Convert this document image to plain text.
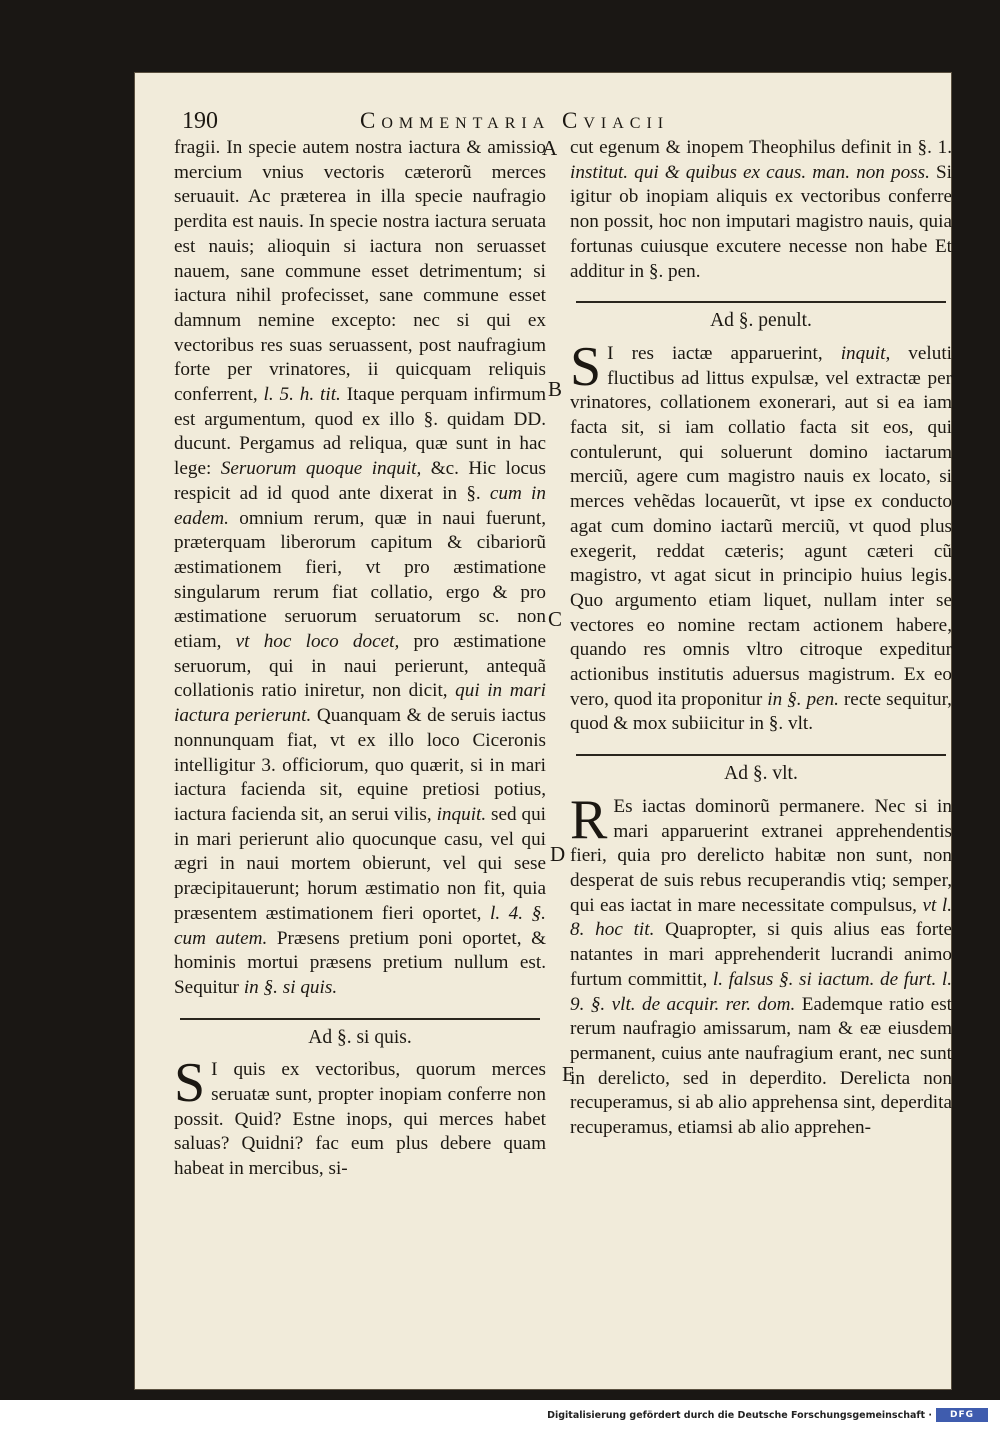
190	Commentaria Cviacii
A
B
C
D
E

fragii. In specie autem nostra iactura & amissio mercium vnius vectoris cæterorũ merces seruauit. Ac præterea in illa specie naufragio perdita est nauis. In specie nostra iactura seruata est nauis; alioquin si iactura non seruasset nauem, sane commune esset detrimentum; si iactura nihil profecisset, sane commune esset damnum nemine excepto: nec si qui ex vectoribus res suas seruassent, post naufragium forte per vrinatores, ii quicquam reliquis conferrent, l. 5. h. tit. Itaque perquam infirmum est argumentum, quod ex illo §. quidam DD. ducunt. Pergamus ad reliqua, quæ sunt in hac lege: Seruorum quoque inquit, &c. Hic locus respicit ad id quod ante dixerat in §. cum in eadem. omnium rerum, quæ in naui fuerunt, præterquam liberorum capitum & cibariorũ æstimationem fieri, vt pro æstimatione singularum rerum fiat collatio, ergo & pro æstimatione seruorum seruatorum sc. non etiam, vt hoc loco docet, pro æstimatione seruorum, qui in naui perierunt, antequã collationis ratio iniretur, non dicit, qui in mari iactura perierunt. Quanquam & de seruis iactus nonnunquam fiat, vt ex illo loco Ciceronis intelligitur 3. officiorum, quo quærit, si in mari iactura facienda sit, equine pretiosi potius, iactura facienda sit, an serui vilis, inquit. sed qui in mari perierunt alio quocunque casu, vel qui ægri in naui mortem obierunt, vel qui sese præcipitauerunt; horum æstimatio non fit, quia præsentem æstimationem fieri oportet, l. 4. §. cum autem. Præsens pretium poni oportet, & hominis mortui præsens pretium nullum est. Sequitur in §. si quis.

Ad §. si quis.

S I quis ex vectoribus, quorum merces seruatæ sunt, propter inopiam conferre non possit. Quid? Estne inops, qui merces habet saluas? Quidni? fac eum plus debere quam habeat in mercibus, si-

cut egenum & inopem Theophilus definit in §. 1. institut. qui & quibus ex caus. man. non poss. Si igitur ob inopiam aliquis ex vectoribus conferre non possit, hoc non imputari magistro nauis, quia fortunas cuiusque excutere necesse non habe Et additur in §. pen.

Ad §. penult.

S I res iactæ apparuerint, inquit, veluti fluctibus ad littus expulsæ, vel extractæ per vrinatores, collationem exonerari, aut si ea iam facta sit, si iam collatio facta sit eos, qui contulerunt, qui soluerunt domino iactarum merciũ, agere cum magistro nauis ex locato, si merces vehẽdas locauerũt, vt ipse ex conducto agat cum domino iactarũ merciũ, vt quod plus exegerit, reddat cæteris; agunt cæteri cũ magistro, vt agat sicut in principio huius legis. Quo argumento etiam liquet, nullam inter se vectores eo nomine rectam actionem habere, quando res omnis vltro citroque expeditur actionibus institutis aduersus magistrum. Ex eo vero, quod ita proponitur in §. pen. recte sequitur, quod & mox subiicitur in §. vlt.

Ad §. vlt.

R Es iactas dominorũ permanere. Nec si in mari apparuerint extranei apprehendentis fieri, quia pro derelicto habitæ non sunt, non desperat de suis rebus recuperandis vtiq; semper, qui eas iactat in mare necessitate compulsus, vt l. 8. hoc tit. Quapropter, si quis alius eas forte natantes in mari apprehenderit lucrandi animo furtum committit, l. falsus §. si iactum. de furt. l. 9. §. vlt. de acquir. rer. dom. Eademque ratio est rerum naufragio amissarum, nam & eæ eiusdem permanent, cuius ante naufragium erant, nec sunt in derelicto, sed in deperdito. Derelicta non recuperamus, si ab alio apprehensa sint, deperdita recuperamus, etiamsi ab alio apprehen-

Digitalisierung gefördert durch die Deutsche Forschungsgemeinschaft ·	DFG
